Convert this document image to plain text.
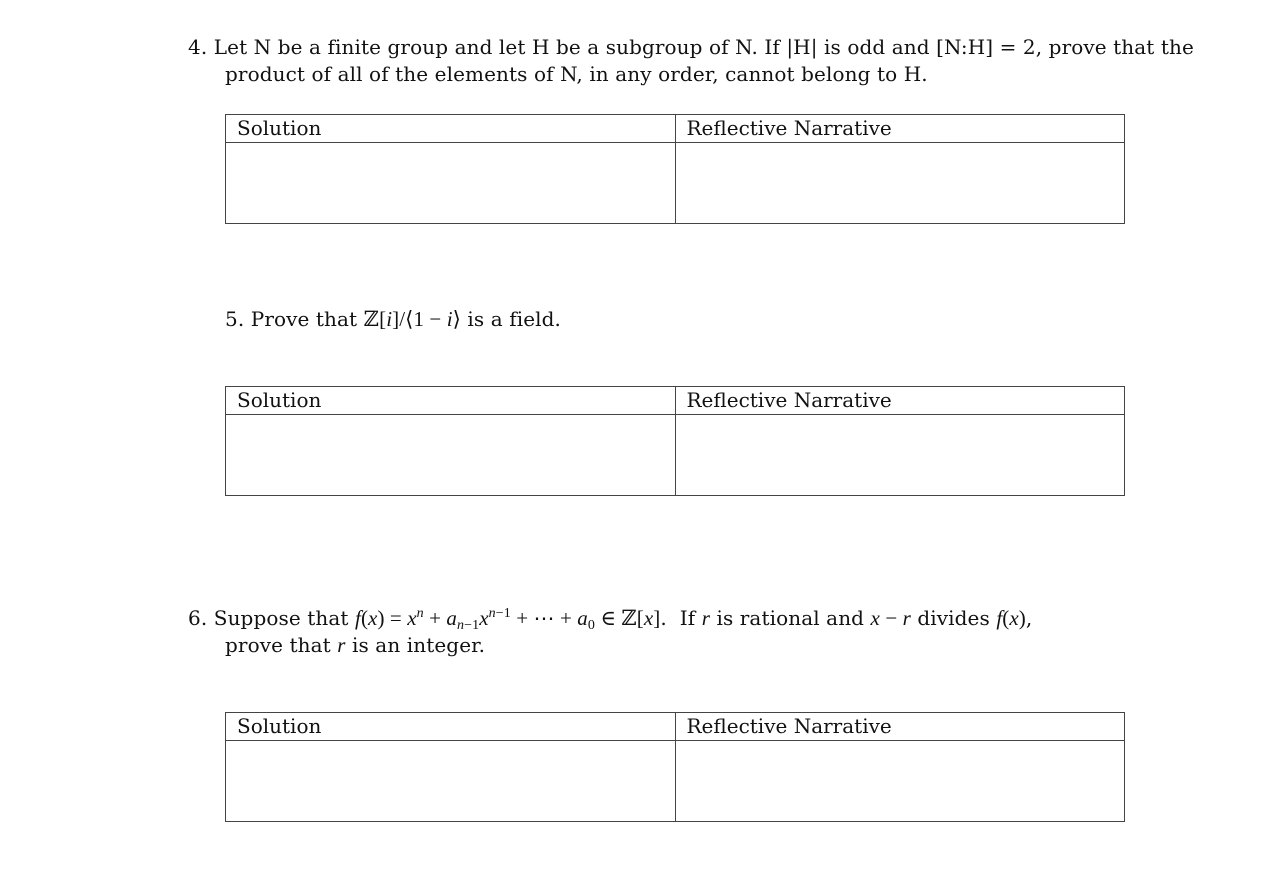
4. Let N be a finite group and let H be a subgroup of N. If |H| is odd and [N:H] = 2, prove that the
product of all of the elements of N, in any order, cannot belong to H.
Solution	Reflective Narrative

5. Prove that ℤ[i]/⟨1 − i⟩ is a field.
Solution	Reflective Narrative

6. Suppose that $f(x) = x^n + a_{n-1}x^{n-1}$ + ⋯ + $a_0$ ∈ ℤ[x].  If r is rational and x − r divides f(x),
prove that r is an integer.
Solution	Reflective Narrative
